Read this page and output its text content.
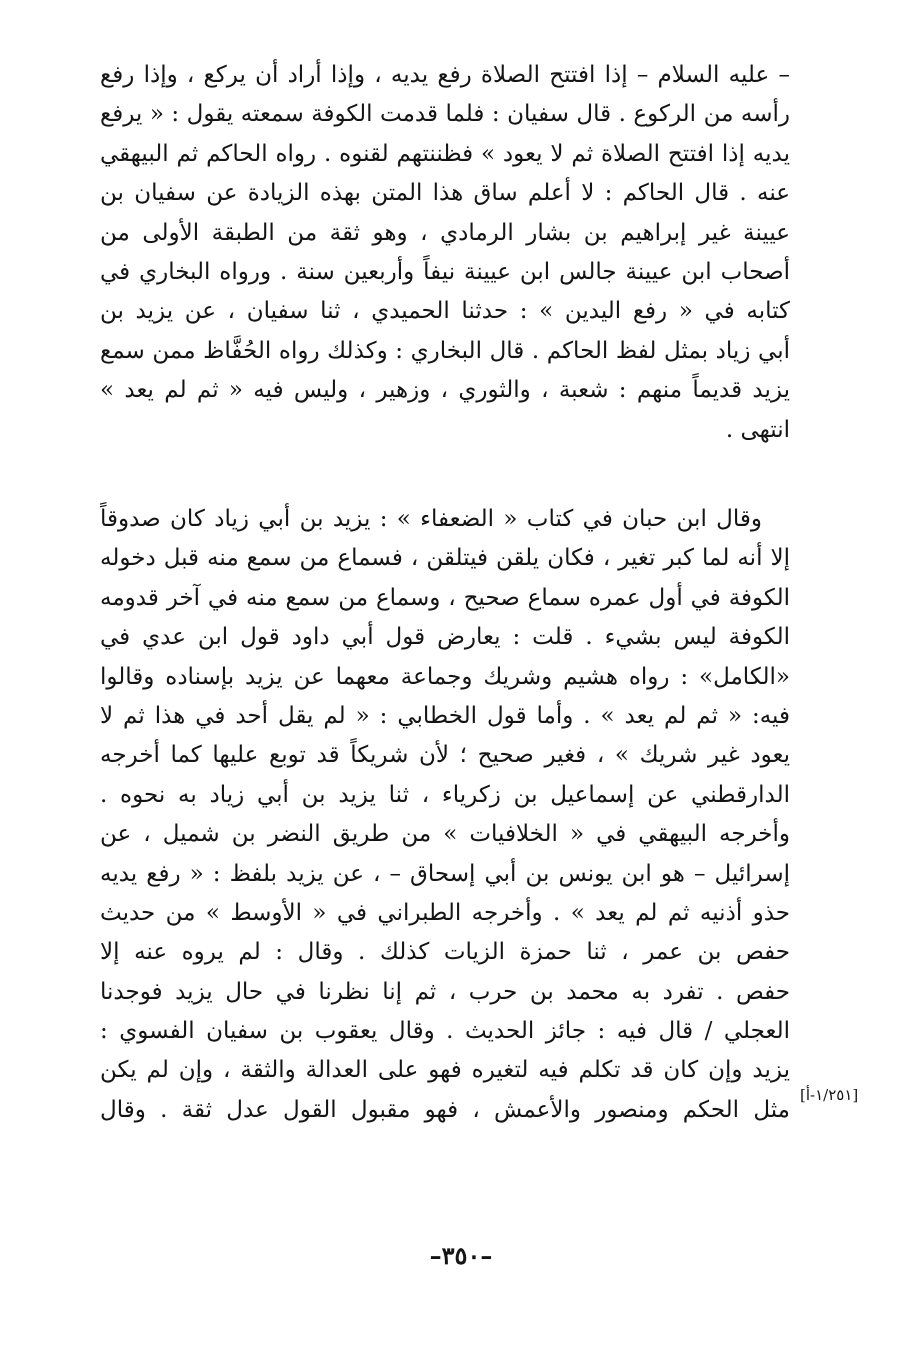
– عليه السلام – إذا افتتح الصلاة رفع يديه ، وإذا أراد أن يركع ، وإذا رفع
رأسه من الركوع . قال سفيان : فلما قدمت الكوفة سمعته يقول : « يرفع
يديه إذا افتتح الصلاة ثم لا يعود » فظننتهم لقنوه . رواه الحاكم ثم البيهقي
عنه . قال الحاكم : لا أعلم ساق هذا المتن بهذه الزيادة عن سفيان بن
عيينة غير إبراهيم بن بشار الرمادي ، وهو ثقة من الطبقة الأولى من
أصحاب ابن عيينة جالس ابن عيينة نيفاً وأربعين سنة . ورواه البخاري في
كتابه في « رفع اليدين » : حدثنا الحميدي ، ثنا سفيان ، عن يزيد بن
أبي زياد بمثل لفظ الحاكم . قال البخاري : وكذلك رواه الحُفَّاظ ممن سمع
يزيد قديماً منهم : شعبة ، والثوري ، وزهير ، وليس فيه « ثم لم يعد »
انتهى .
وقال ابن حبان في كتاب « الضعفاء » : يزيد بن أبي زياد كان صدوقاً
إلا أنه لما كبر تغير ، فكان يلقن فيتلقن ، فسماع من سمع منه قبل دخوله
الكوفة في أول عمره سماع صحيح ، وسماع من سمع منه في آخر قدومه
الكوفة ليس بشيء . قلت : يعارض قول أبي داود قول ابن عدي في
«الكامل» : رواه هشيم وشريك وجماعة معهما عن يزيد بإسناده وقالوا
فيه: « ثم لم يعد » . وأما قول الخطابي : « لم يقل أحد في هذا ثم لا
يعود غير شريك » ، فغير صحيح ؛ لأن شريكاً قد توبع عليها كما أخرجه
الدارقطني عن إسماعيل بن زكرياء ، ثنا يزيد بن أبي زياد به نحوه .
وأخرجه البيهقي في « الخلافيات » من طريق النضر بن شميل ، عن
إسرائيل – هو ابن يونس بن أبي إسحاق – ، عن يزيد بلفظ : « رفع يديه
حذو أذنيه ثم لم يعد » . وأخرجه الطبراني في « الأوسط » من حديث
حفص بن عمر ، ثنا حمزة الزيات كذلك . وقال : لم يروه عنه إلا
حفص . تفرد به محمد بن حرب ، ثم إنا نظرنا في حال يزيد فوجدنا
العجلي / قال فيه : جائز الحديث . وقال يعقوب بن سفيان الفسوي :
يزيد وإن كان قد تكلم فيه لتغيره فهو على العدالة والثقة ، وإن لم يكن
مثل الحكم ومنصور والأعمش ، فهو مقبول القول عدل ثقة . وقال
[١/٢٥١-أ]
–٣٥٠–
